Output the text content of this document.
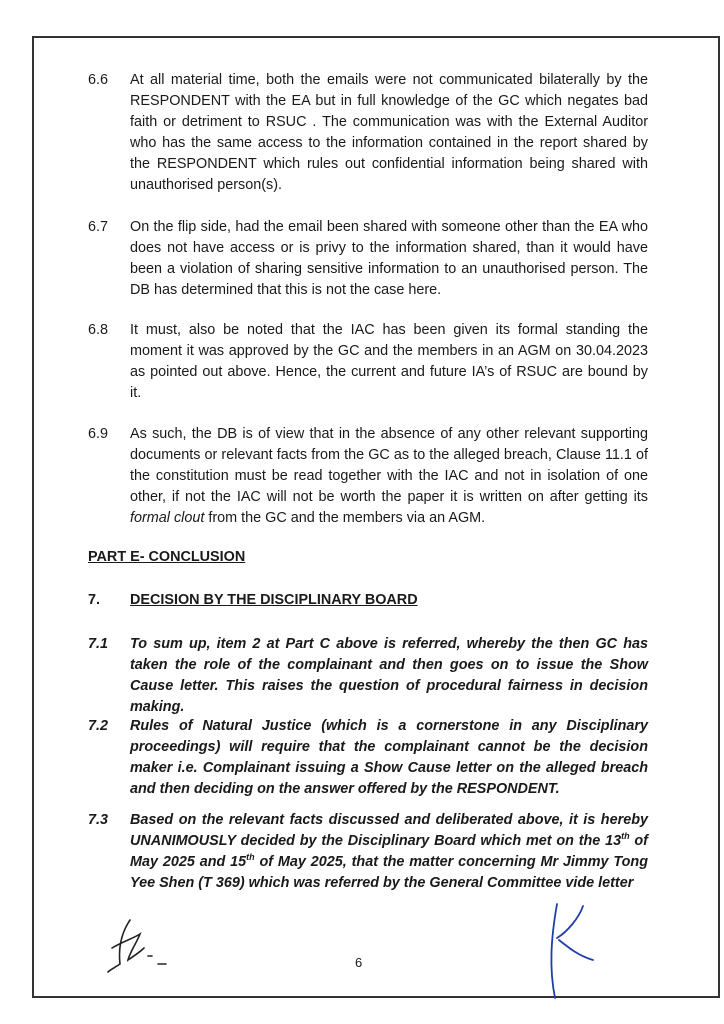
6.6 At all material time, both the emails were not communicated bilaterally by the RESPONDENT with the EA but in full knowledge of the GC which negates bad faith or detriment to RSUC . The communication was with the External Auditor who has the same access to the information contained in the report shared by the RESPONDENT which rules out confidential information being shared with unauthorised person(s).
6.7 On the flip side, had the email been shared with someone other than the EA who does not have access or is privy to the information shared, than it would have been a violation of sharing sensitive information to an unauthorised person. The DB has determined that this is not the case here.
6.8 It must, also be noted that the IAC has been given its formal standing the moment it was approved by the GC and the members in an AGM on 30.04.2023 as pointed out above. Hence, the current and future IA’s of RSUC are bound by it.
6.9 As such, the DB is of view that in the absence of any other relevant supporting documents or relevant facts from the GC as to the alleged breach, Clause 11.1 of the constitution must be read together with the IAC and not in isolation of one other, if not the IAC will not be worth the paper it is written on after getting its formal clout from the GC and the members via an AGM.
PART E- CONCLUSION
7. DECISION BY THE DISCIPLINARY BOARD
7.1 To sum up, item 2 at Part C above is referred, whereby the then GC has taken the role of the complainant and then goes on to issue the Show Cause letter. This raises the question of procedural fairness in decision making.
7.2 Rules of Natural Justice (which is a cornerstone in any Disciplinary proceedings) will require that the complainant cannot be the decision maker i.e. Complainant issuing a Show Cause letter on the alleged breach and then deciding on the answer offered by the RESPONDENT.
7.3 Based on the relevant facts discussed and deliberated above, it is hereby UNANIMOUSLY decided by the Disciplinary Board which met on the 13th of May 2025 and 15th of May 2025, that the matter concerning Mr Jimmy Tong Yee Shen (T 369) which was referred by the General Committee vide letter
6
